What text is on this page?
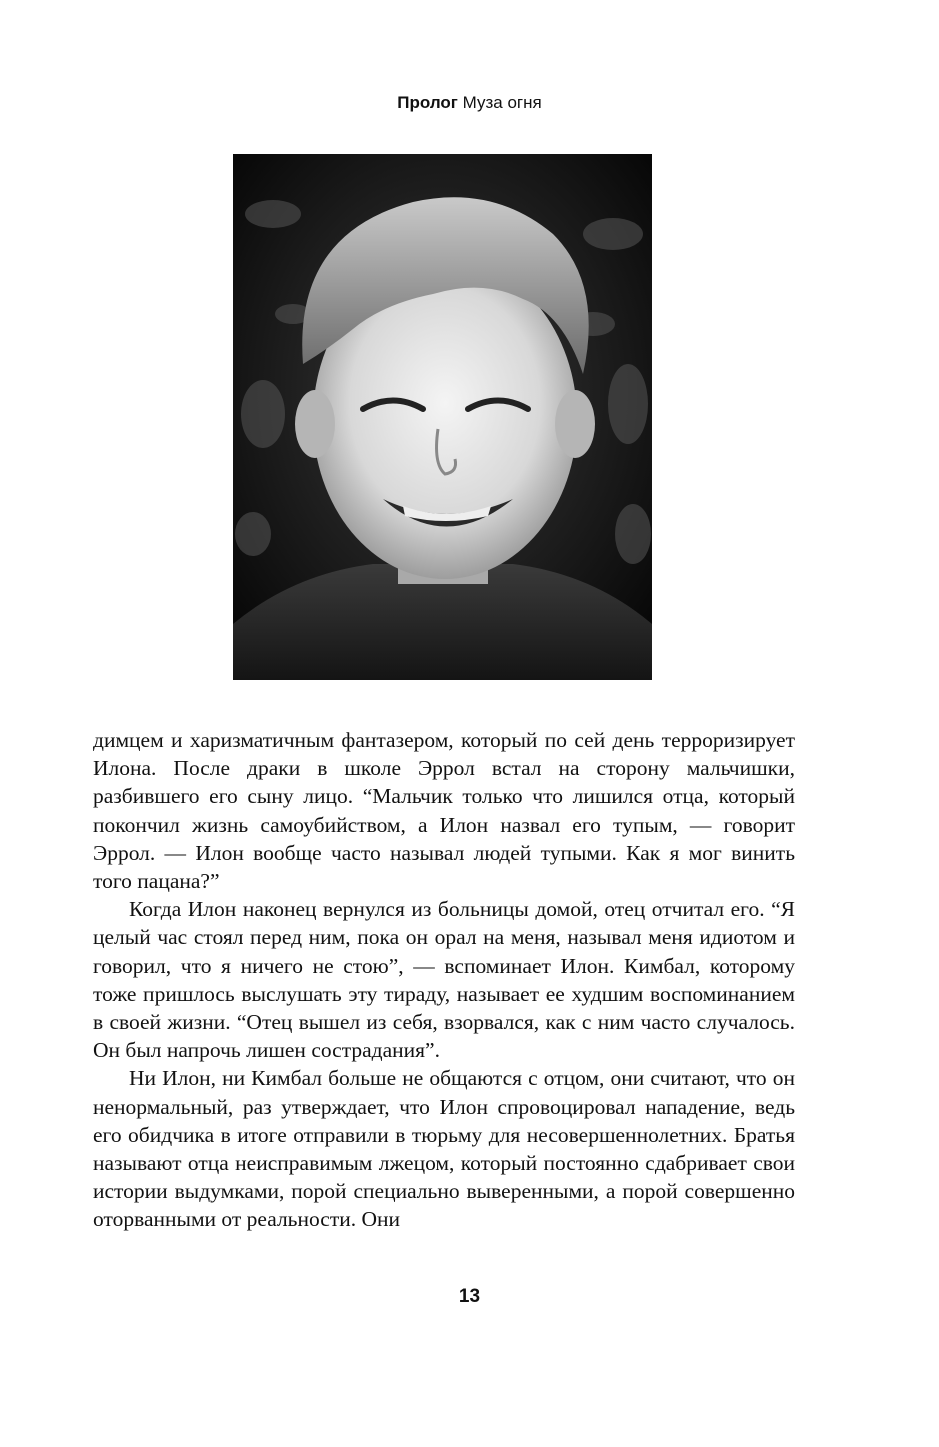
Пролог Муза огня

димцем и харизматичным фантазером, который по сей день терроризирует Илона. После драки в школе Эррол встал на сторону мальчишки, разбившего его сыну лицо. “Мальчик только что лишился отца, который покончил жизнь самоубийством, а Илон назвал его тупым, — говорит Эррол. — Илон вообще часто называл людей тупыми. Как я мог винить того пацана?”

Когда Илон наконец вернулся из больницы домой, отец отчитал его. “Я целый час стоял перед ним, пока он орал на меня, называл меня идиотом и говорил, что я ничего не стою”, — вспоминает Илон. Кимбал, которому тоже пришлось выслушать эту тираду, называет ее худшим воспоминанием в своей жизни. “Отец вышел из себя, взорвался, как с ним часто случалось. Он был напрочь лишен сострадания”.

Ни Илон, ни Кимбал больше не общаются с отцом, они считают, что он ненормальный, раз утверждает, что Илон спровоцировал нападение, ведь его обидчика в итоге отправили в тюрьму для несовершеннолетних. Братья называют отца неисправимым лжецом, который постоянно сдабривает свои истории выдумками, порой специально выверенными, а порой совершенно оторванными от реальности. Они

13
